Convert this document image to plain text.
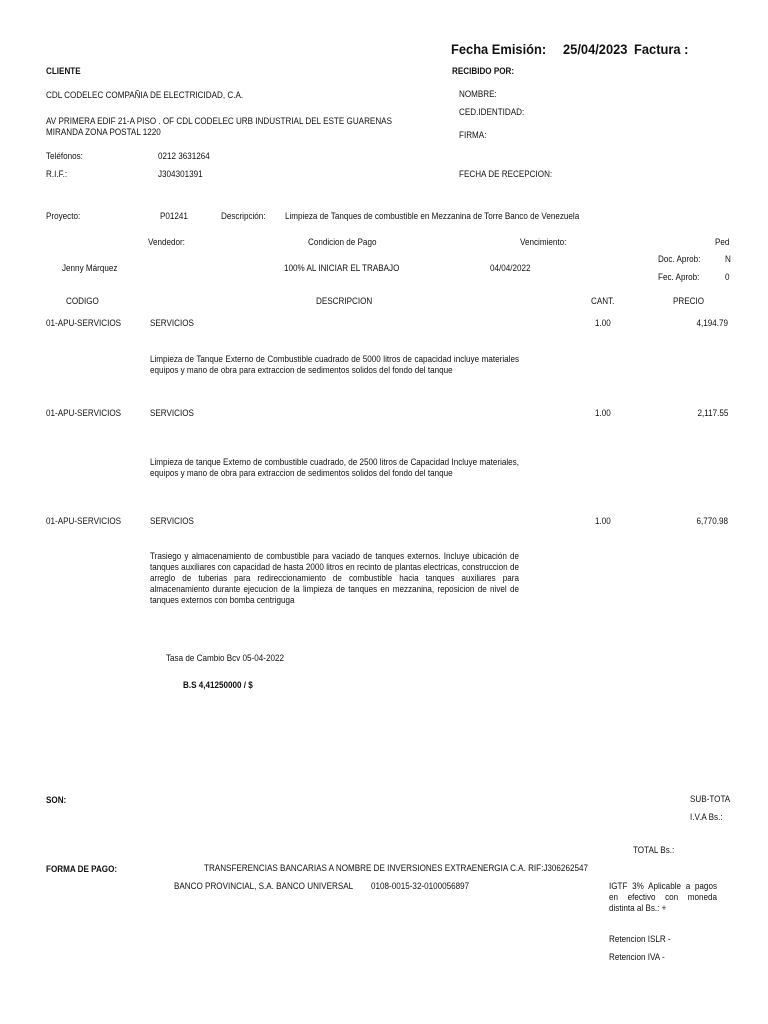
Fecha Emisión: 25/04/2023 Factura :
CLIENTE
CDL CODELEC COMPAÑIA DE ELECTRICIDAD, C.A.
AV PRIMERA EDIF 21-A PISO . OF CDL CODELEC URB INDUSTRIAL DEL ESTE GUARENAS
MIRANDA ZONA POSTAL 1220
Teléfonos:	0212 3631264
R.I.F.:	J304301391
RECIBIDO POR:
NOMBRE:
CED.IDENTIDAD:
FIRMA:
FECHA DE RECEPCION:
Proyecto:	P01241	Descripción: Limpieza de Tanques de combustible en Mezzanina de Torre Banco de Venezuela
Vendedor:	Condicion de Pago	Vencimiento:	Ped
Jenny Márquez	100% AL INICIAR EL TRABAJO	04/04/2022
Doc. Aprob:	N
Fec. Aprob:	0
CODIGO	DESCRIPCION	CANT.	PRECIO
01-APU-SERVICIOS	SERVICIOS	1.00	4,194.79
Limpieza de Tanque Externo de Combustible cuadrado de 5000 litros de capacidad incluye materiales equipos y mano de obra para extraccion de sedimentos solidos del fondo del tanque
01-APU-SERVICIOS	SERVICIOS	1.00	2,117.55
Limpieza de tanque Externo de combustible cuadrado, de 2500 litros de Capacidad Incluye materiales, equipos y mano de obra para extraccion de sedimentos solidos del fondo del tanque
01-APU-SERVICIOS	SERVICIOS	1.00	6,770.98
Trasiego y almacenamiento de combustible para vaciado de tanques externos. Incluye ubicación de tanques auxiliares con capacidad de hasta 2000 litros en recinto de plantas electricas, construccion de arreglo de tuberias para redireccionamiento de combustible hacia tanques auxiliares para almacenamiento durante ejecucion de la limpieza de tanques en mezzanina, reposicion de nivel de tanques externos con bomba centriguga
Tasa de Cambio Bcv 05-04-2022
B.S 4,41250000 / $
SON:	SUB-TOTA
I.V.A Bs.:
TOTAL Bs.:
FORMA DE PAGO:	TRANSFERENCIAS BANCARIAS A NOMBRE DE INVERSIONES EXTRAENERGIA C.A. RIF:J306262547
BANCO PROVINCIAL, S.A. BANCO UNIVERSAL 0108-0015-32-0100056897	IGTF 3% Aplicable a pagos en efectivo con moneda distinta al Bs.: +
Retencion ISLR -
Retencion IVA -
